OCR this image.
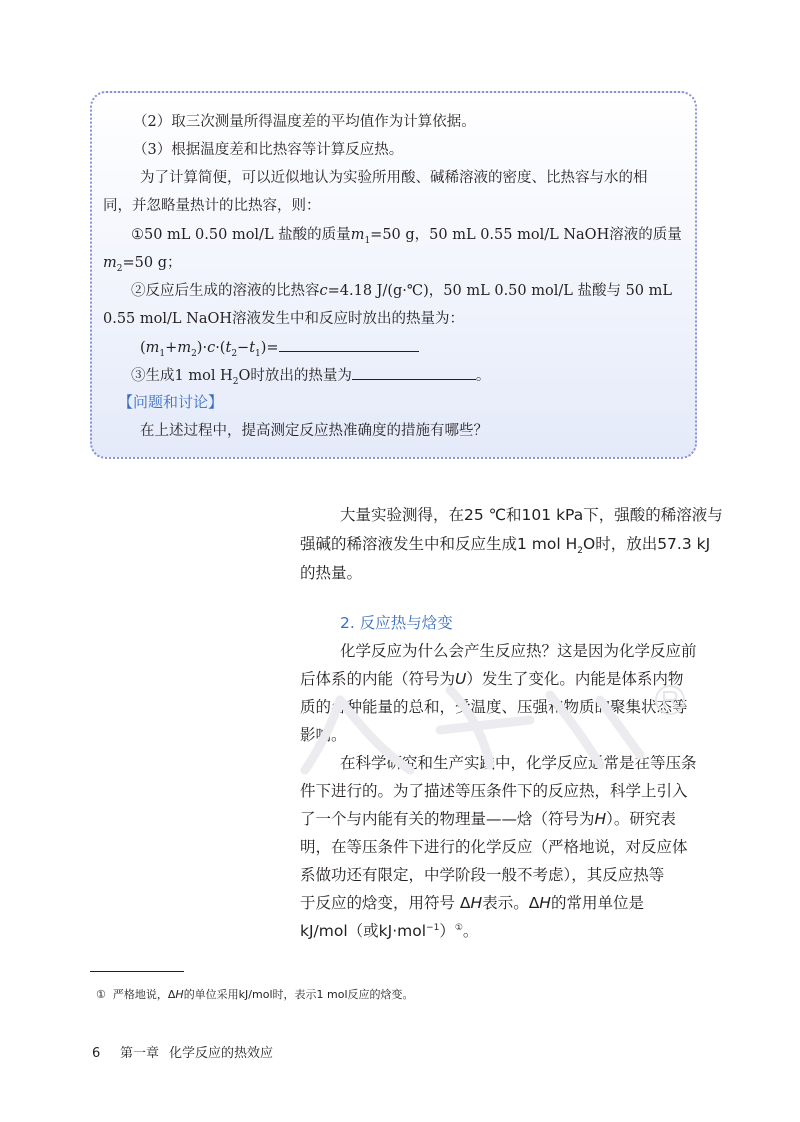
（2）取三次测量所得温度差的平均值作为计算依据。
（3）根据温度差和比热容等计算反应热。
为了计算简便，可以近似地认为实验所用酸、碱稀溶液的密度、比热容与水的相
同，并忽略量热计的比热容，则：
①50 mL 0.50 mol/L 盐酸的质量$m_1=50$ g，50 mL 0.55 mol/L NaOH溶液的质量
$m_2=50$ g；
②反应后生成的溶液的比热容c=4.18 J/(g·℃)，50 mL 0.50 mol/L 盐酸与 50 mL
0.55 mol/L NaOH溶液发生中和反应时放出的热量为：
$(m_1+m_2)\cdot c\cdot(t_2-t_1)=$
③生成1 mol $H_2O$时放出的热量为	。
【问题和讨论】
在上述过程中，提高测定反应热准确度的措施有哪些？
大量实验测得，在25 ℃和101 kPa下，强酸的稀溶液与
强碱的稀溶液发生中和反应生成1 mol $H_2O$时，放出57.3 kJ
的热量。
2. 反应热与焓变
化学反应为什么会产生反应热？这是因为化学反应前
后体系的内能（符号为U）发生了变化。内能是体系内物
质的各种能量的总和，受温度、压强和物质的聚集状态等
影响。
在科学研究和生产实践中，化学反应通常是在等压条
件下进行的。为了描述等压条件下的反应热，科学上引入
了一个与内能有关的物理量——焓（符号为H）。研究表
明，在等压条件下进行的化学反应（严格地说，对反应体
系做功还有限定，中学阶段一般不考虑），其反应热等
于反应的焓变，用符号 ΔH表示。ΔH的常用单位是
kJ/mol（或kJ·mol$^{-1}$）①。
① 严格地说，ΔH的单位采用kJ/mol时，表示1 mol反应的焓变。
6 第一章 化学反应的热效应
